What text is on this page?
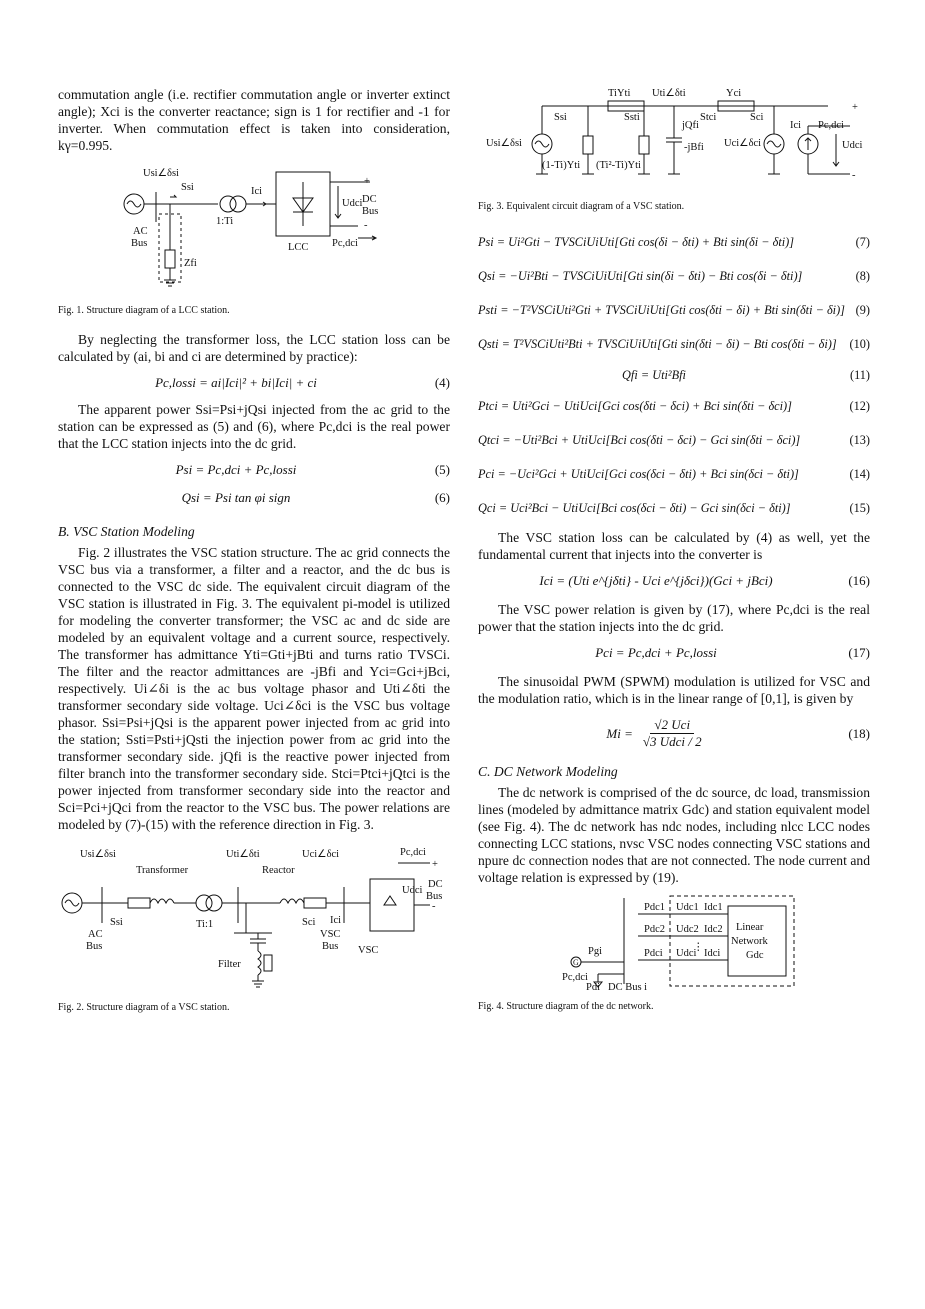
commutation angle (i.e. rectifier commutation angle or inverter extinct angle); Xci is the converter reactance; sign is 1 for rectifier and -1 for inverter. When commutation effect is taken into consideration, kγ=0.995.

Usi∠δsi
Ssi	Ici
1:Ti
AC
Bus
Zfi
Udci DC
Bus
LCC Pc,dci
+
-

Fig. 1. Structure diagram of a LCC station.

By neglecting the transformer loss, the LCC station loss can be calculated by (ai, bi and ci are determined by practice):

Pc,lossi = ai|Ici|² + bi|Ici| + ci	(4)

The apparent power Ssi=Psi+jQsi injected from the ac grid to the station can be expressed as (5) and (6), where Pc,dci is the real power that the LCC station injects into the dc grid.

Psi = Pc,dci + Pc,lossi	(5)
Qsi = Psi tan φi sign	(6)

B. VSC Station Modeling

Fig. 2 illustrates the VSC station structure. The ac grid connects the VSC bus via a transformer, a filter and a reactor, and the dc bus is connected to the VSC dc side. The equivalent circuit diagram of the VSC station is illustrated in Fig. 3. The equivalent pi-model is utilized for modeling the converter transformer; the VSC ac and dc side are modeled by an equivalent voltage and a current source, respectively. The transformer has admittance Yti=Gti+jBti and turns ratio TVSCi. The filter and the reactor admittances are -jBfi and Yci=Gci+jBci, respectively. Ui∠δi is the ac bus voltage phasor and Uti∠δti the transformer secondary side voltage. Uci∠δci is the VSC bus voltage phasor. Ssi=Psi+jQsi is the apparent power injected from ac grid into the station; Ssti=Psti+jQsti the injection power from ac grid into the transformer secondary side. jQfi is the reactive power injected from filter branch into the transformer secondary side. Stci=Ptci+jQtci is the power injected from transformer secondary side into the reactor and Sci=Pci+jQci from the reactor to the VSC bus. The power relations are modeled by (7)-(15) with the reference direction in Fig. 3.

Usi∠δsi
Transformer
Uti∠δti
Reactor
Uci∠δci	Pc,dci
+
-
Udci
DC
Bus
Ssi	Ti:1	Sci Ici
AC
Bus
VSC
Bus VSC
Filter

Fig. 2. Structure diagram of a VSC station.

TiYti Uti∠δti	Yci
Ssi	Ssti
jQfi
Stci	Sci
Ici Pc,dci
Usi∠δsi
(1-Ti)Yti (Ti²-Ti)Yti
-jBfi Uci∠δci	Udci
+
-

Fig. 3. Equivalent circuit diagram of a VSC station.

Psi = Ui²Gti − TVSCiUiUti[Gti cos(δi − δti) + Bti sin(δi − δti)]	(7)
Qsi = −Ui²Bti − TVSCiUiUti[Gti sin(δi − δti) − Bti cos(δi − δti)]	(8)
Psti = −T²VSCiUti²Gti + TVSCiUiUti[Gti cos(δti − δi) + Bti sin(δti − δi)] (9)
Qsti = T²VSCiUti²Bti + TVSCiUiUti[Gti sin(δti − δi) − Bti cos(δti − δi)]	(10)
Qfi = Uti²Bfi	(11)
Ptci = Uti²Gci − UtiUci[Gci cos(δti − δci) + Bci sin(δti − δci)]	(12)
Qtci = −Uti²Bci + UtiUci[Bci cos(δti − δci) − Gci sin(δti − δci)]	(13)
Pci = −Uci²Gci + UtiUci[Gci cos(δci − δti) + Bci sin(δci − δti)]	(14)
Qci = Uci²Bci − UtiUci[Bci cos(δci − δti) − Gci sin(δci − δti)]	(15)

The VSC station loss can be calculated by (4) as well, yet the fundamental current that injects into the converter is

Ici = (Uti e^{jδti} - Uci e^{jδci})(Gci + jBci)	(16)

The VSC power relation is given by (17), where Pc,dci is the real power that the station injects into the dc grid.

Pci = Pc,dci + Pc,lossi	(17)

The sinusoidal PWM (SPWM) modulation is utilized for VSC and the modulation ratio, which is in the linear range of [0,1], is given by

Mi =
√2 Uci
√3 Udci / 2
(18)

C. DC Network Modeling

The dc network is comprised of the dc source, dc load, transmission lines (modeled by admittance matrix Gdc) and station equivalent model (see Fig. 4). The dc network has ndc nodes, including nlcc LCC nodes connecting LCC stations, nvsc VSC nodes connecting VSC stations and npure dc connection nodes that are not connected. The node current and voltage relation is expressed by (19).

Pdc1 Udc1 Idc1
Pdc2 Udc2 Idc2
⋮
Pdci Udci Idci
Linear
Network
Gdc
Pgi
G
Pc,dci
Pdi DC Bus i

Fig. 4. Structure diagram of the dc network.
